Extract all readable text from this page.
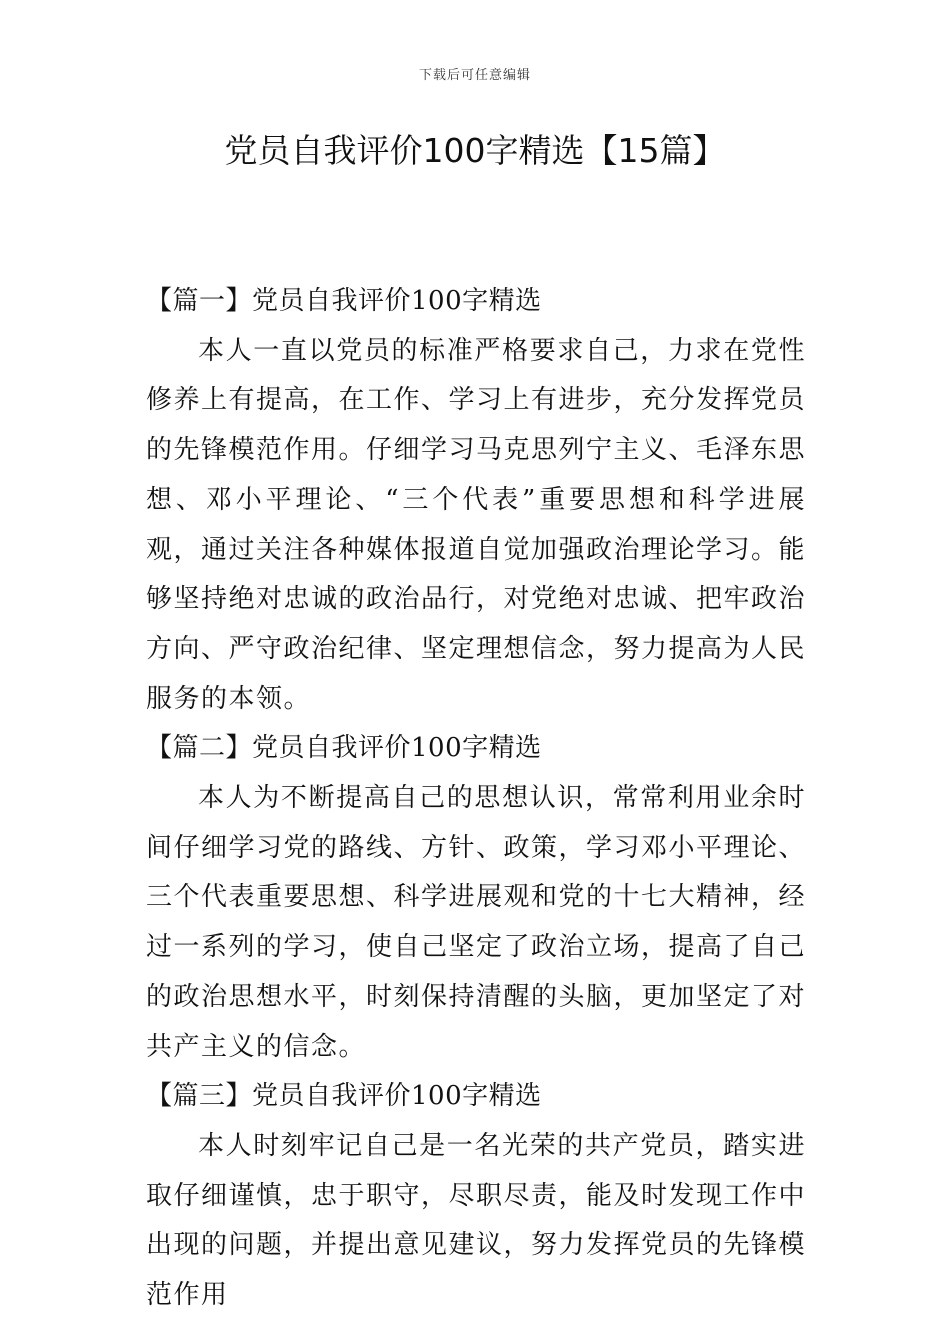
下载后可任意编辑
党员自我评价100字精选【15篇】

【篇一】党员自我评价100字精选

本人一直以党员的标准严格要求自己，力求在党性修养上有提高，在工作、学习上有进步，充分发挥党员的先锋模范作用。仔细学习马克思列宁主义、毛泽东思想、邓小平理论、“三个代表”重要思想和科学进展观，通过关注各种媒体报道自觉加强政治理论学习。能够坚持绝对忠诚的政治品行，对党绝对忠诚、把牢政治方向、严守政治纪律、坚定理想信念，努力提高为人民服务的本领。

【篇二】党员自我评价100字精选

本人为不断提高自己的思想认识，常常利用业余时间仔细学习党的路线、方针、政策，学习邓小平理论、三个代表重要思想、科学进展观和党的十七大精神，经过一系列的学习，使自己坚定了政治立场，提高了自己的政治思想水平，时刻保持清醒的头脑，更加坚定了对共产主义的信念。

【篇三】党员自我评价100字精选

本人时刻牢记自己是一名光荣的共产党员，踏实进取仔细谨慎，忠于职守，尽职尽责，能及时发现工作中出现的问题，并提出意见建议，努力发挥党员的先锋模范作用
